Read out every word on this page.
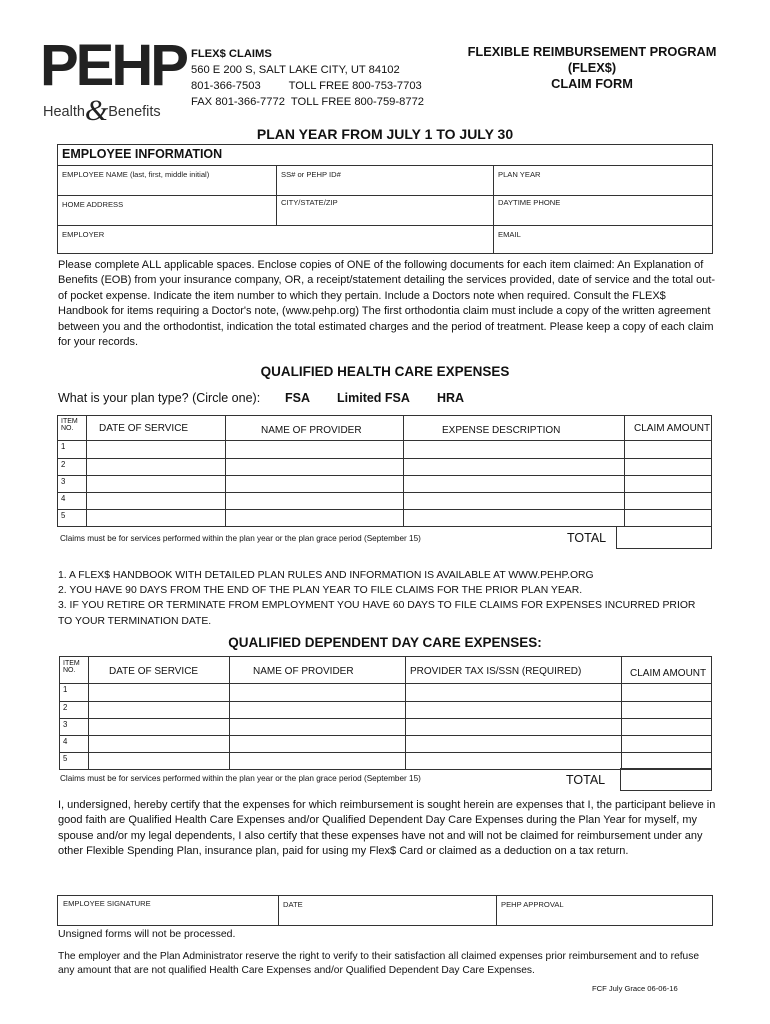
PEHP
Health&Benefits
FLEX$ CLAIMS
560 E 200 S, SALT LAKE CITY, UT 84102
801-366-7503	TOLL FREE 800-753-7703
FAX 801-366-7772 TOLL FREE 800-759-8772
FLEXIBLE REIMBURSEMENT PROGRAM
(FLEX$)
CLAIM FORM
PLAN YEAR FROM JULY 1 TO JULY 30
EMPLOYEE INFORMATION
EMPLOYEE NAME (last, first, middle initial)	SS# or PEHP ID#	PLAN YEAR
HOME ADDRESS	CITY/STATE/ZIP	DAYTIME PHONE
EMPLOYER	EMAIL
Please complete ALL applicable spaces. Enclose copies of ONE of the following documents for each item claimed: An Explanation of Benefits (EOB) from your insurance company, OR, a receipt/statement detailing the services provided, date of service and the total out-of pocket expense. Indicate the item number to which they pertain. Include a Doctors note when required. Consult the FLEX$ Handbook for items requiring a Doctor's note, (www.pehp.org) The first orthodontia claim must include a copy of the written agreement between you and the orthodontist, indication the total estimated charges and the period of treatment. Please keep a copy of each claim for your records.
QUALIFIED HEALTH CARE EXPENSES
What is your plan type? (Circle one): FSA Limited FSA HRA
ITEM NO.	DATE OF SERVICE	NAME OF PROVIDER	EXPENSE DESCRIPTION	CLAIM AMOUNT
1				
2				
3				
4				
5				
Claims must be for services performed within the plan year or the plan grace period (September 15)	TOTAL
1. A FLEX$ HANDBOOK WITH DETAILED PLAN RULES AND INFORMATION IS AVAILABLE AT WWW.PEHP.ORG
2. YOU HAVE 90 DAYS FROM THE END OF THE PLAN YEAR TO FILE CLAIMS FOR THE PRIOR PLAN YEAR.
3. IF YOU RETIRE OR TERMINATE FROM EMPLOYMENT YOU HAVE 60 DAYS TO FILE CLAIMS FOR EXPENSES INCURRED PRIOR TO YOUR TERMINATION DATE.
QUALIFIED DEPENDENT DAY CARE EXPENSES:
ITEM NO.	DATE OF SERVICE	NAME OF PROVIDER	PROVIDER TAX IS/SSN (REQUIRED)	CLAIM AMOUNT
1				
2				
3				
4				
5				
Claims must be for services performed within the plan year or the plan grace period (September 15)	TOTAL
I, undersigned, hereby certify that the expenses for which reimbursement is sought herein are expenses that I, the participant believe in good faith are Qualified Health Care Expenses and/or Qualified Dependent Day Care Expenses during the Plan Year for myself, my spouse and/or my legal dependents, I also certify that these expenses have not and will not be claimed for reimbursement under any other Flexible Spending Plan, insurance plan, paid for using my Flex$ Card or claimed as a deduction on a tax return.
EMPLOYEE SIGNATURE	DATE	PEHP APPROVAL
Unsigned forms will not be processed.
The employer and the Plan Administrator reserve the right to verify to their satisfaction all claimed expenses prior reimbursement and to refuse any amount that are not qualified Health Care Expenses and/or Qualified Dependent Day Care Expenses.
FCF July Grace 06-06-16
